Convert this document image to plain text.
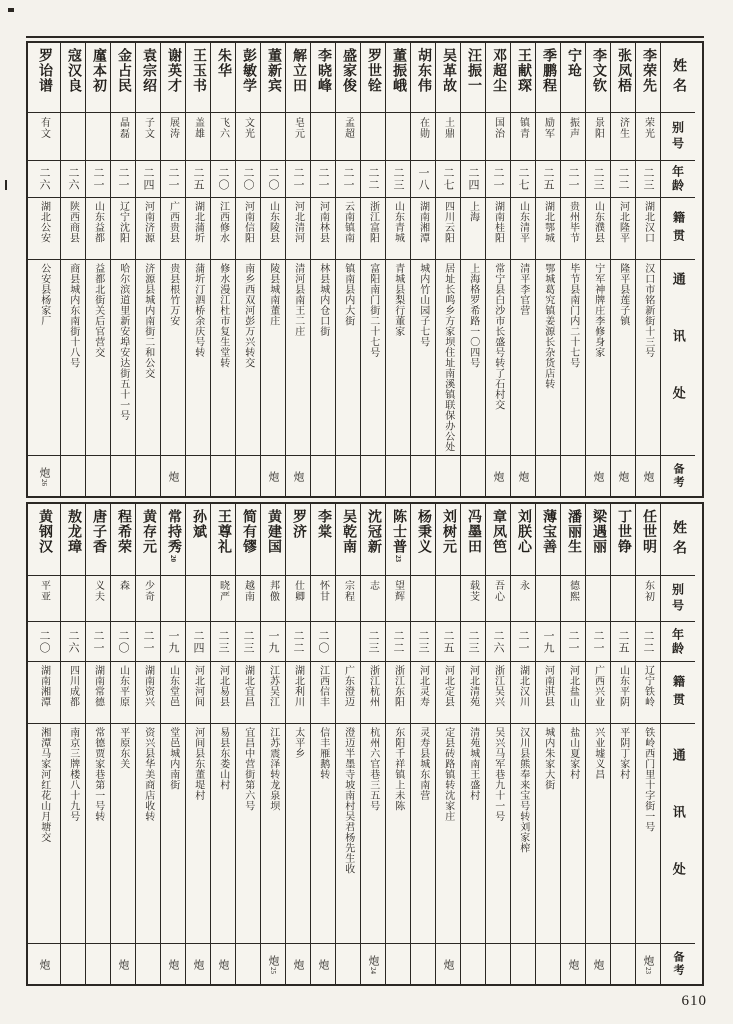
罗诒谱
有文
二六
湖北公安
公安县杨家厂
炮
26
寇汉良
二六
陕西商县
商县城内东南街十八号
廑本初
二一
山东益都
益都北街关后官营交
金占民
晶磊
二一
辽宁沈阳
哈尔滨道里新安埠安达街五十一号
袁宗绍
子文
二四
河南济源
济源县城内南街二和公交
谢英才
展涛
二一
广西贵县
贵县根竹万安
炮
王玉书
盖雄
二五
湖北蒲圻
蒲圻汀泗桥余庆号转
朱华
飞六
二〇
江西修水
修水漫江杜市复生堂转
彭敏学
文光
二〇
河南信阳
南乡西双河彭万兴转交
董新宾
二〇
山东陵县
陵县城南董庄
炮
解立田
皂元
二一
河北清河
清河县南王二庄
炮
李晓峰
二一
河南林县
林县城内仓口街
盛家俊
孟超
二一
云南镇南
镇南县内大街
罗世铨
二二
浙江富阳
富阳南门街二十七号
董振峨
二三
山东青城
青城县梨行董家
胡东伟
在勋
一八
湖南湘潭
城内竹山园子七号
吴革故
土鼎
二七
四川云阳
居址长鸣乡方家坝住址南溪镇联保办公处
汪振一
二四
上海
上海格罗希路一〇四号
邓超尘
国治
二一
湖南桂阳
常宁县白沙市长盛号转了石村交
炮
王献琛
镇青
二七
山东清平
清平李官营
炮
季鹏程
励军
二五
湖北鄂城
鄂城葛究镇姜源长杂货店转
宁玱
振声
二一
贵州毕节
毕节县南门内二十七号
李文钦
景阳
二三
山东濮县
宁军神牌庄李修身家
炮
张凤梧
济生
二二
河北隆平
隆平县莲子镇
炮
李荣先
荣光
二三
湖北汉口
汉口市铭新街十三号
炮
姓名
别号
年龄
籍贯
通讯处
备考
黄钢汉
平亚
二〇
湖南湘潭
湘潭马家河红花山月塘交
炮
敖龙璋
二六
四川成都
南京三牌楼八十九号
唐子香
义夫
二一
湖南常德
常德贾家巷第一号转
程希荣
森
二〇
山东平原
平原东关
炮
黄存元
少奇
二一
湖南资兴
资兴县华美商店收转
常持秀
20
一九
山东堂邑
堂邑城内南街
炮
孙斌
二四
河北河间
河间县东董堤村
炮
王尊礼
晓严
二三
河北易县
易县东娄山村
炮
简有镠
越南
二三
湖北宜昌
宜昌中营街第六号
黄建国
邦儌
一九
江苏吴江
江苏震泽转龙泉坝
炮
25
罗济
仕卿
二二
湖北利川
太平乡
炮
李棠
怀甘
二〇
江西信丰
信丰雁鹅转
炮
吴乾南
宗程
广东澄迈
澄迈半墨寺坡南村吴君杨先生收
沈冠新
志
二三
浙江杭州
杭州六官巷三五号
炮
24
陈士普
23
望辉
二二
浙江东阳
东阳千祥镇上未陈
杨秉义
二三
河北灵寿
灵寿县城东南营
刘树元
二五
河北定县
定县砖路镇转沈家庄
炮
冯墨田
载芠
二三
河北清苑
清苑城南王盛村
章凤笆
吾心
二六
浙江吴兴
吴兴马军巷九十一号
刘朕心
永
二一
湖北汉川
汉川县熊奉来宝号转刘家榨
薄宝善
一九
河南淇县
城内朱家大街
潘丽生
德熙
二一
河北盐山
盐山夏家村
炮
梁遇丽
二一
广西兴业
兴业墟义昌
炮
丁世铮
二五
山东平阴
平阴丁家村
任世明
东初
二二
辽宁铁岭
铁岭西门里十字街一号
炮
23
姓名
别号
年龄
籍贯
通讯处
备考
610
